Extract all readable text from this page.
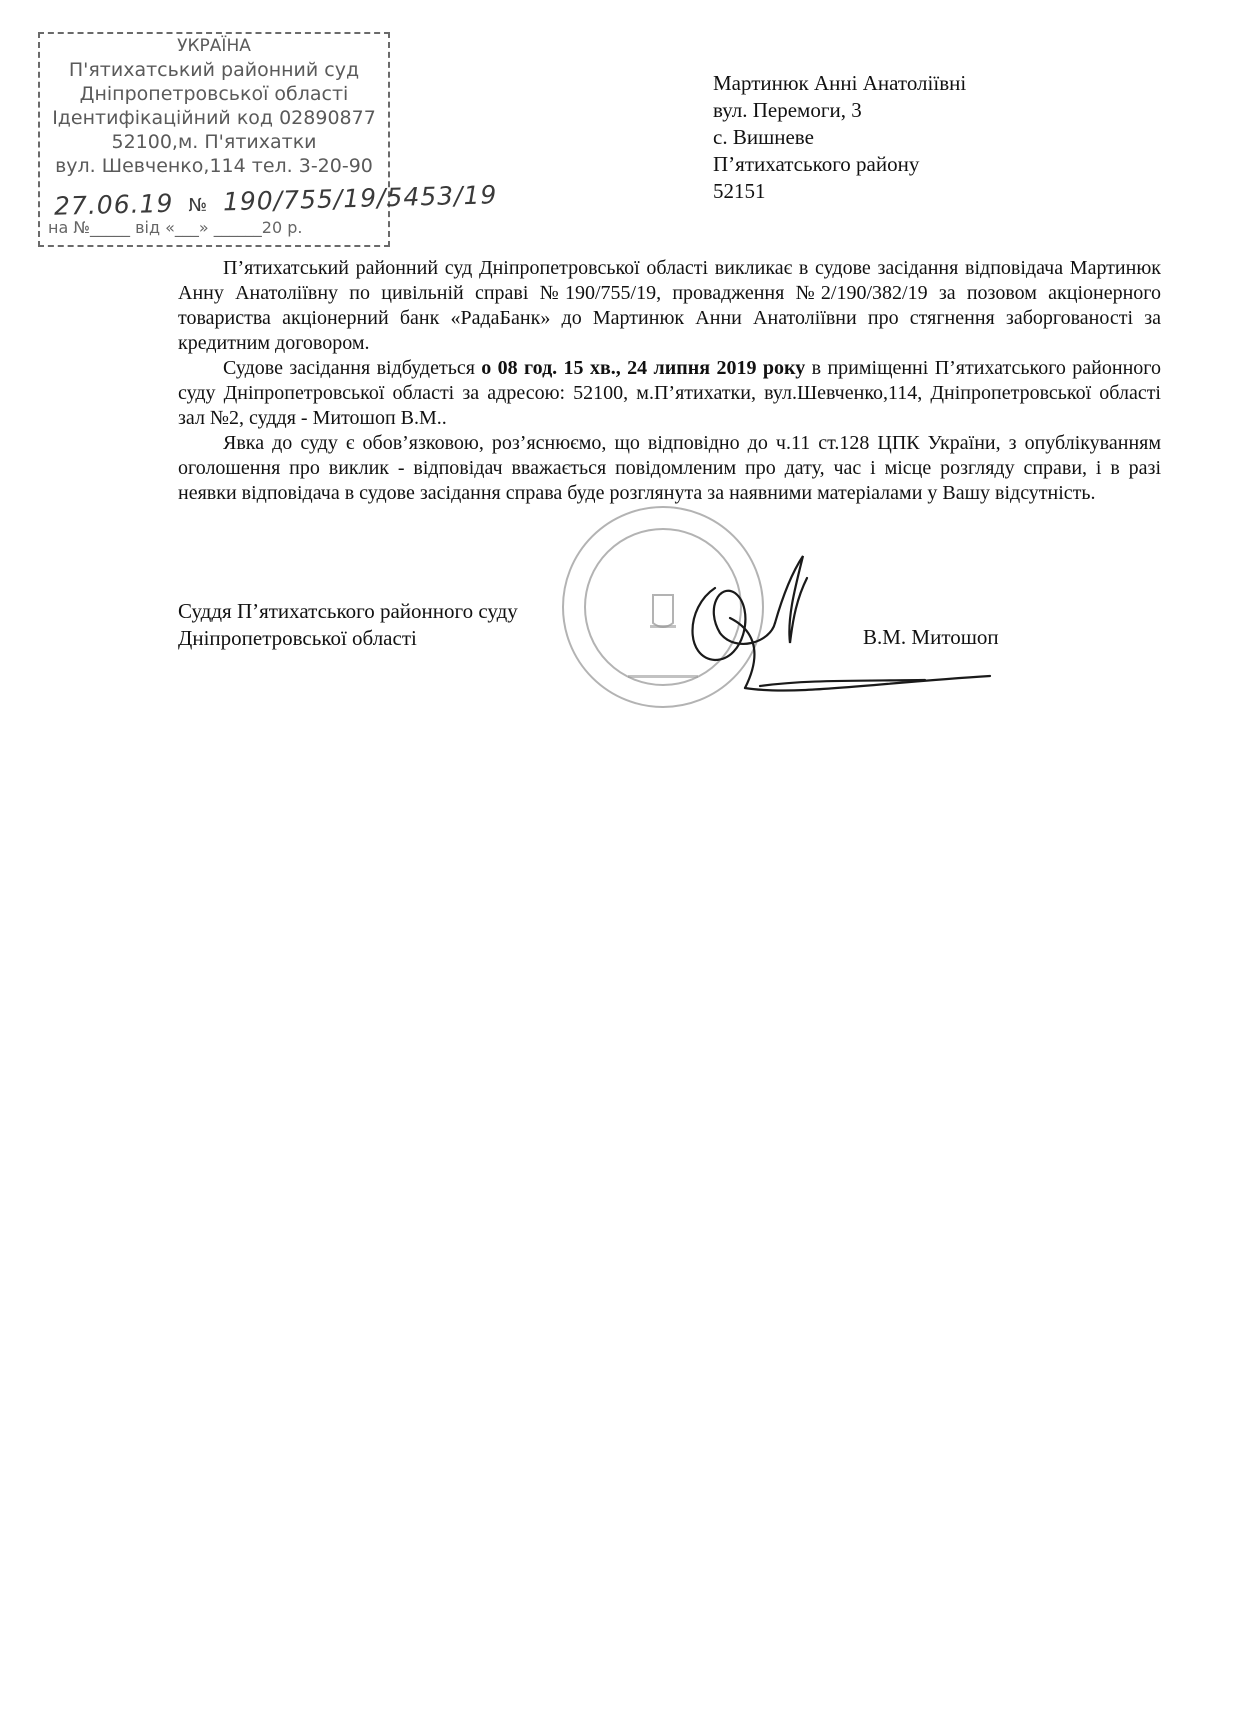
УКРАЇНА
П'ятихатський районний суд
Дніпропетровської області
Ідентифікаційний код 02890877
52100,м. П'ятихатки
вул. Шевченко,114 тел. 3-20-90
27.06.19 № 190/755/19/5453/19
на №_____ від «___» ______20 р.
Мартинюк Анні Анатоліївні
вул. Перемоги, 3
с. Вишневе
П’ятихатського району
52151

П’ятихатський районний суд Дніпропетровської області викликає в судове засідання відповідача Мартинюк Анну Анатоліївну по цивільній справі №190/755/19, провадження №2/190/382/19 за позовом акціонерного товариства акціонерний банк «РадаБанк» до Мартинюк Анни Анатоліївни про стягнення заборгованості за кредитним договором.

Судове засідання відбудеться о 08 год. 15 хв., 24 липня 2019 року в приміщенні П’ятихатського районного суду Дніпропетровської області за адресою: 52100, м.П’ятихатки, вул.Шевченко,114, Дніпропетровської області зал №2, суддя - Митошоп В.М..

Явка до суду є обов’язковою, роз’яснюємо, що відповідно до ч.11 ст.128 ЦПК України, з опублікуванням оголошення про виклик - відповідач вважається повідомленим про дату, час і місце розгляду справи, і в разі неявки відповідача в судове засідання справа буде розглянута за наявними матеріалами у Вашу відсутність.

Суддя П’ятихатського районного суду
Дніпропетровської області	В.М. Митошоп
